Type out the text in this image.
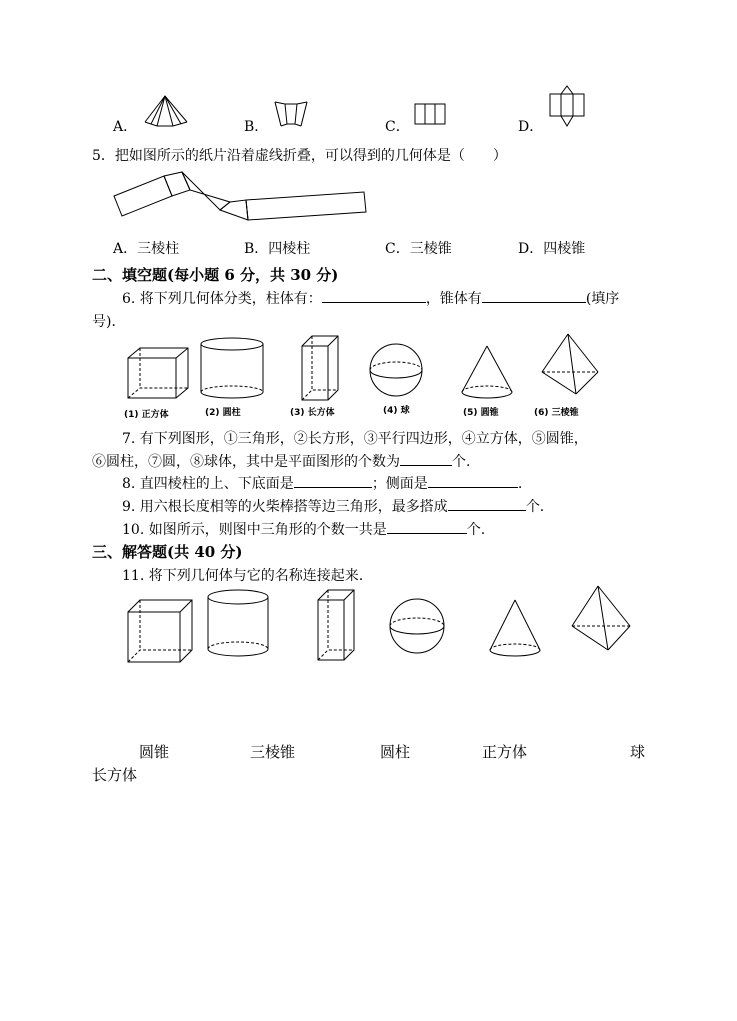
A．	B．	C．	D．
5．把如图所示的纸片沿着虚线折叠，可以得到的几何体是（　　）
A．三棱柱	B．四棱柱	C．三棱锥	D．四棱锥
二、填空题(每小题 6 分，共 30 分)
6. 将下列几何体分类，柱体有：	，锥体有	(填序
号)．
(1) 正方体	(2) 圆柱	(3) 长方体	(4) 球	(5) 圆锥	(6) 三棱锥
7. 有下列图形，①三角形，②长方形，③平行四边形，④立方体，⑤圆锥，
⑥圆柱，⑦圆，⑧球体，其中是平面图形的个数为	个.
8. 直四棱柱的上、下底面是	；侧面是	.
9. 用六根长度相等的火柴棒搭等边三角形，最多搭成	个.
10. 如图所示，则图中三角形的个数一共是	个.
三、解答题(共 40 分)
11. 将下列几何体与它的名称连接起来.
圆锥	三棱锥	圆柱	正方体	球
长方体
